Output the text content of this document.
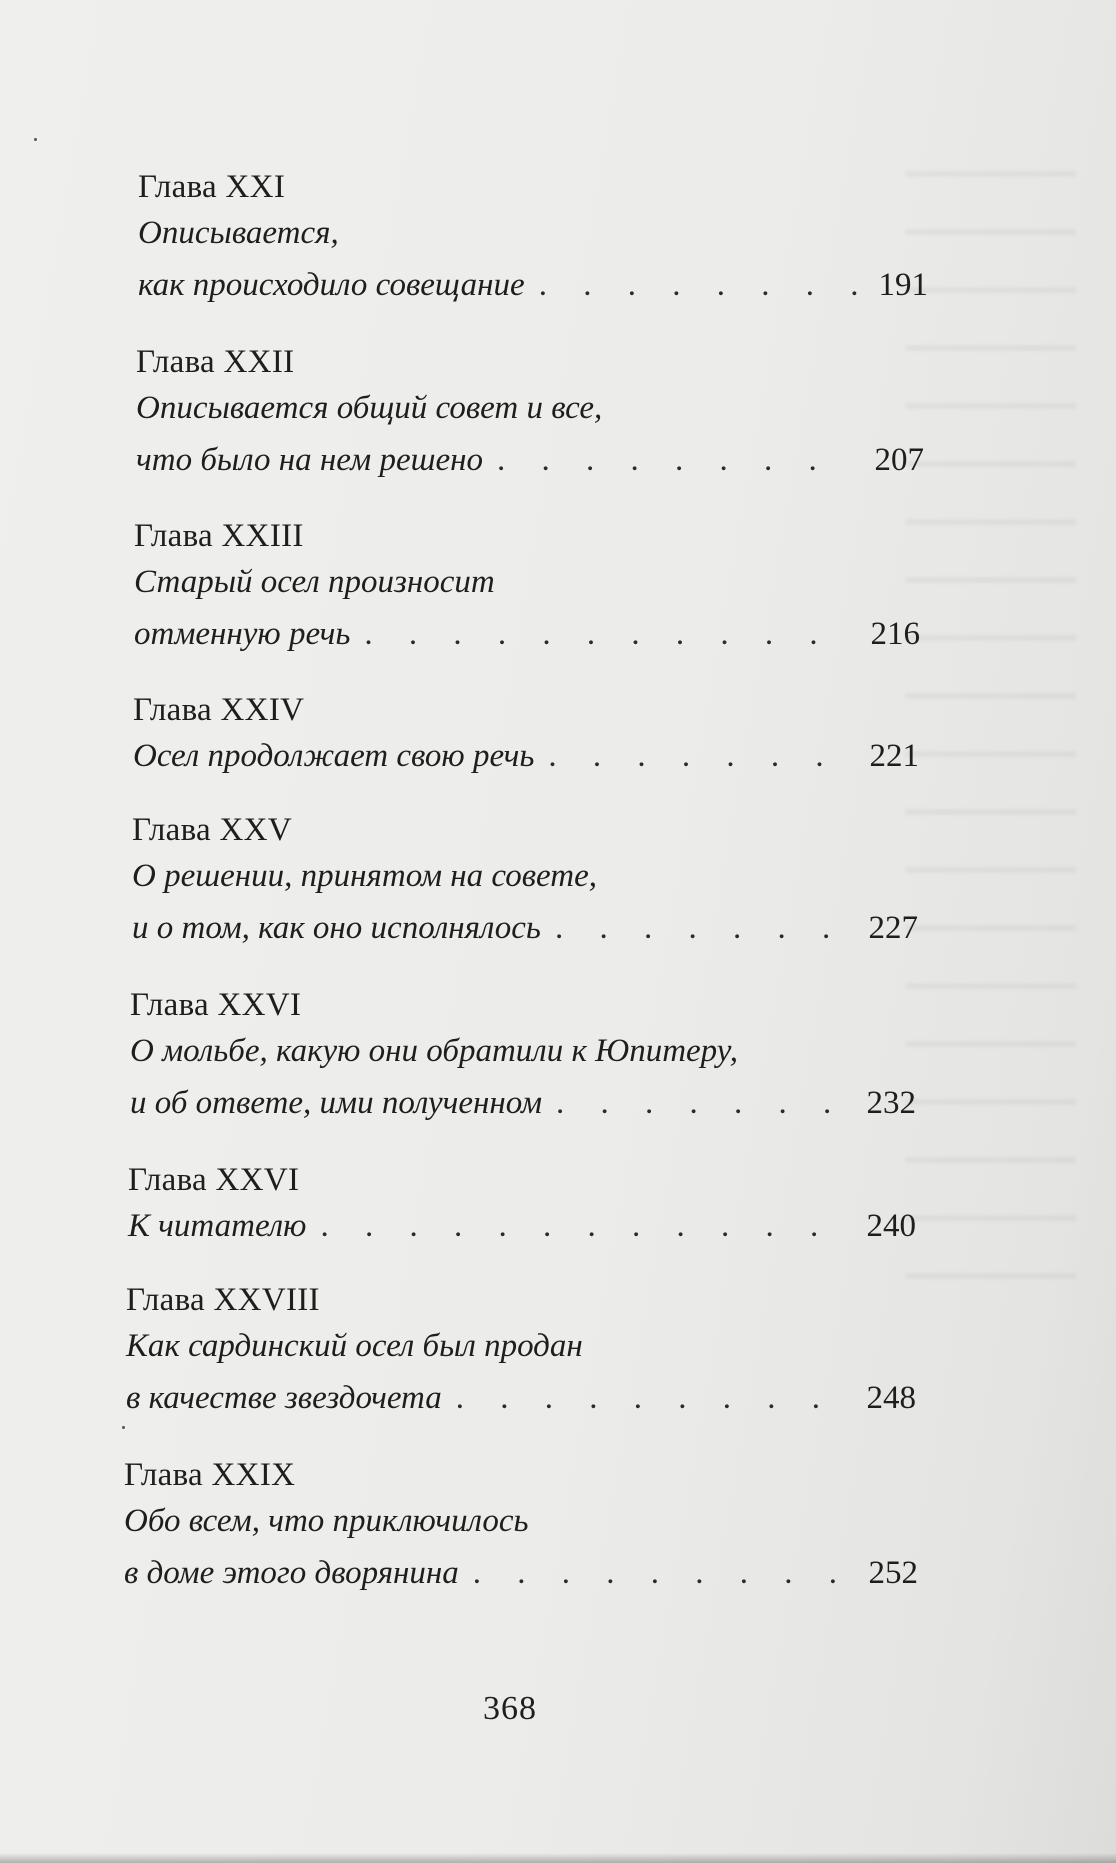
Глава XXI
Описывается,
как происходило совещание . . .	191
Глава XXII
Описывается общий совет и все,
что было на нем решено . . .	207
Глава XXIII
Старый осел произносит
отменную речь . . .	216
Глава XXIV
Осел продолжает свою речь . . .	221
Глава XXV
О решении, принятом на совете,
и о том, как оно исполнялось . . .	227
Глава XXVI
О мольбе, какую они обратили к Юпитеру,
и об ответе, ими полученном . . .	232
Глава XXVI
К читателю . . .	240
Глава XXVIII
Как сардинский осел был продан
в качестве звездочета . . .	248
Глава XXIX
Обо всем, что приключилось
в доме этого дворянина . . .	252
368
